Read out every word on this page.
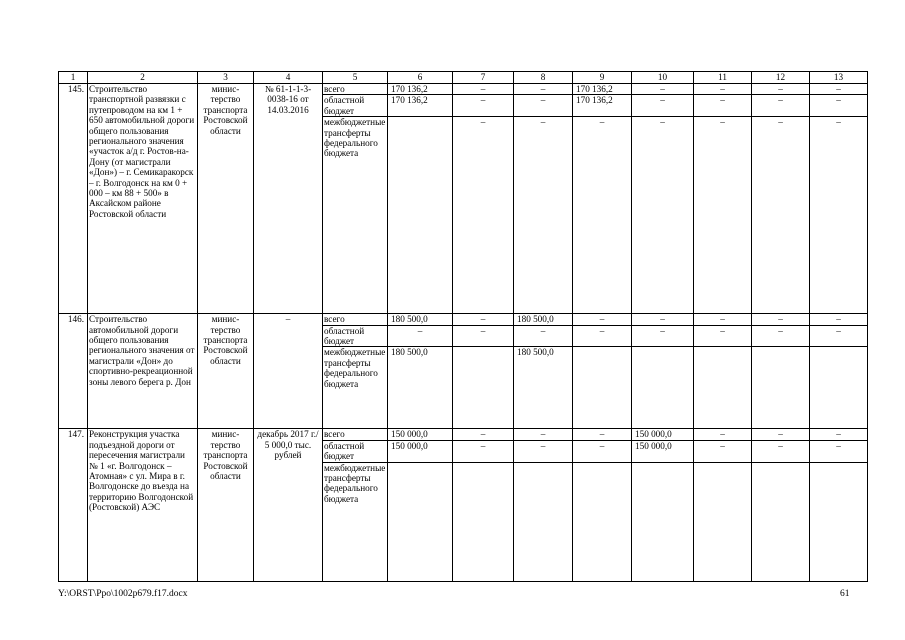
1	2	3	4	5	6	7	8	9	10	11	12	13
145.	Строительство транспортной развязки с путепроводом на км 1 + 650 автомобильной дороги общего пользования регионального значения «участок а/д г. Ростов-на-Дону (от магистрали «Дон») – г. Семикаракорск – г. Волгодонск на км 0 + 000 – км 88 + 500» в Аксайском районе Ростовской области	министерство транспорта Ростовской области	№ 61-1-1-3-0038-16 от 14.03.2016	всего	170 136,2	–	–	170 136,2	–	–	–	–
				областной бюджет	170 136,2	–	–	170 136,2	–	–	–	–
				межбюджетные трансферты федерального бюджета		–	–	–	–	–	–	–
146.	Строительство автомобильной дороги общего пользования регионального значения от магистрали «Дон» до спортивно-рекреационной зоны левого берега р. Дон	министерство транспорта Ростовской области	–	всего	180 500,0	–	180 500,0	–	–	–	–	–
				областной бюджет	–	–	–	–	–	–	–	–
				межбюджетные трансферты федерального бюджета	180 500,0		180 500,0					
147.	Реконструкция участка подъездной дороги от пересечения магистрали № 1 «г. Волгодонск – Атомная» с ул. Мира в г. Волгодонске до въезда на территорию Волгодонской (Ростовской) АЭС	министерство транспорта Ростовской области	декабрь 2017 г./ 5 000,0 тыс. рублей	всего	150 000,0	–	–	–	150 000,0	–	–	–
				областной бюджет	150 000,0	–	–	–	150 000,0	–	–	–
				межбюджетные трансферты федерального бюджета								
Y:\ORST\Ppo\1002p679.f17.docx	61
